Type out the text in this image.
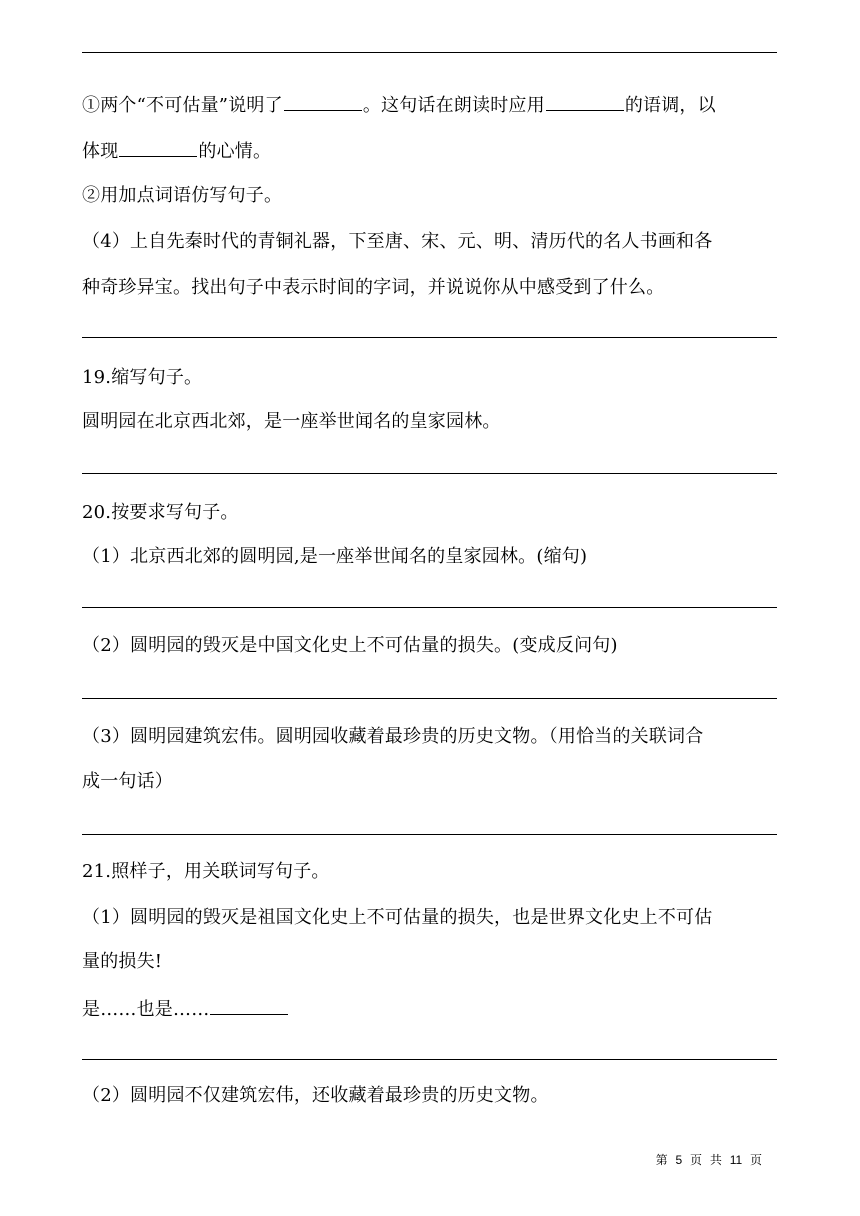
①两个“不可估量”说明了	。这句话在朗读时应用	的语调，以
体现	的心情。
②用加点词语仿写句子。
（4）上自先秦时代的青铜礼器，下至唐、宋、元、明、清历代的名人书画和各
种奇珍异宝。找出句子中表示时间的字词，并说说你从中感受到了什么。
19.缩写句子。
圆明园在北京西北郊，是一座举世闻名的皇家园林。
20.按要求写句子。
（1）北京西北郊的圆明园,是一座举世闻名的皇家园林。(缩句)
（2）圆明园的毁灭是中国文化史上不可估量的损失。(变成反问句)
（3）圆明园建筑宏伟。圆明园收藏着最珍贵的历史文物。（用恰当的关联词合
成一句话）
21.照样子，用关联词写句子。
（1）圆明园的毁灭是祖国文化史上不可估量的损失，也是世界文化史上不可估
量的损失!
是……也是……
（2）圆明园不仅建筑宏伟，还收藏着最珍贵的历史文物。
第 5 页 共 11 页
